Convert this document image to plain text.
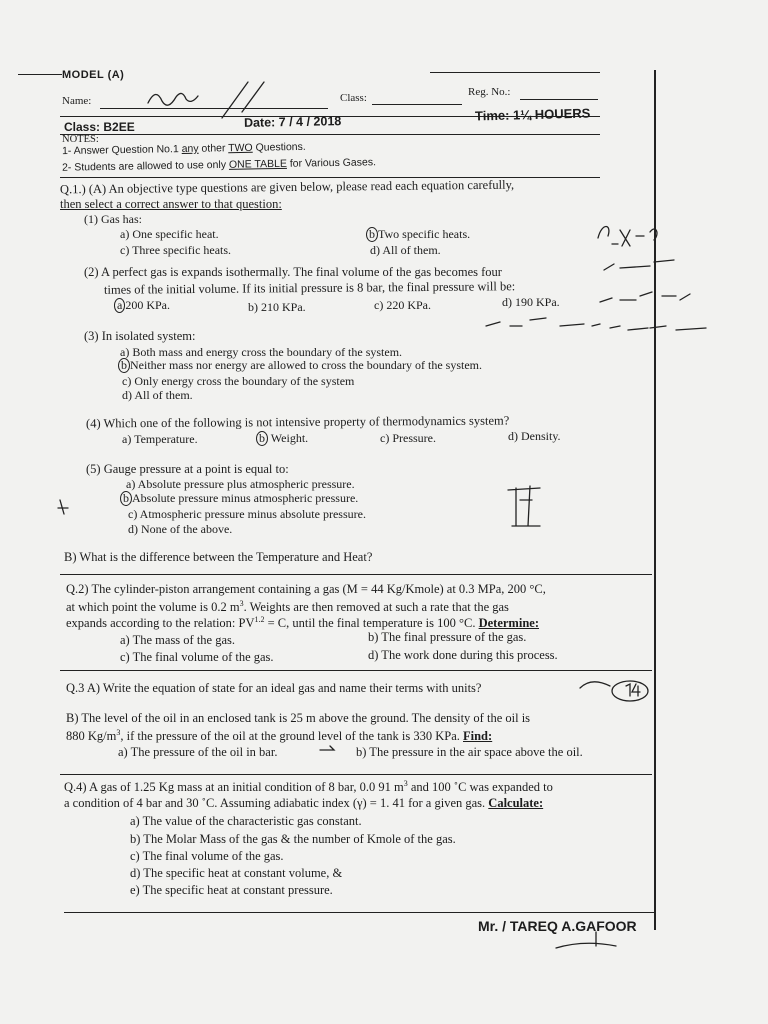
MODEL (A)
Name:	Class:	Reg. No.:
Class: B2EE	Date: 7 / 4 / 2018	Time: 1¼ HOUERS
NOTES:
1- Answer Question No.1 any other TWO Questions.
2- Students are allowed to use only ONE TABLE for Various Gases.
Q.1.) (A) An objective type questions are given below, please read each equation carefully,
then select a correct answer to that question:
(1) Gas has:
a) One specific heat.	b Two specific heats.
c) Three specific heats.	d) All of them.
(2) A perfect gas is expands isothermally. The final volume of the gas becomes four
times of the initial volume. If its initial pressure is 8 bar, the final pressure will be:
a 200 KPa.	b) 210 KPa.	c) 220 KPa.	d) 190 KPa.
(3) In isolated system:
a) Both mass and energy cross the boundary of the system.
b Neither mass nor energy are allowed to cross the boundary of the system.
c) Only energy cross the boundary of the system
d) All of them.
(4) Which one of the following is not intensive property of thermodynamics system?
a) Temperature.	b Weight.	c) Pressure.	d) Density.
(5) Gauge pressure at a point is equal to:
a) Absolute pressure plus atmospheric pressure.
b Absolute pressure minus atmospheric pressure.
c) Atmospheric pressure minus absolute pressure.
d) None of the above.
B) What is the difference between the Temperature and Heat?
Q.2) The cylinder-piston arrangement containing a gas (M = 44 Kg/Kmole) at 0.3 MPa, 200 °C,
at which point the volume is 0.2 $m^3$. Weights are then removed at such a rate that the gas
expands according to the relation: $PV^{1.2} = C$, until the final temperature is 100 °C. Determine:
a) The mass of the gas.	b) The final pressure of the gas.
c) The final volume of the gas.	d) The work done during this process.
Q.3 A) Write the equation of state for an ideal gas and name their terms with units?
B) The level of the oil in an enclosed tank is 25 m above the ground. The density of the oil is
880 $Kg/m^3$, if the pressure of the oil at the ground level of the tank is 330 KPa. Find:
a) The pressure of the oil in bar.	b) The pressure in the air space above the oil.
Q.4) A gas of 1.25 Kg mass at an initial condition of 8 bar, 0.0 91 $m^3$ and 100 ˚C was expanded to
a condition of 4 bar and 30 ˚C. Assuming adiabatic index (γ) = 1. 41 for a given gas. Calculate:
a) The value of the characteristic gas constant.
b) The Molar Mass of the gas & the number of Kmole of the gas.
c) The final volume of the gas.
d) The specific heat at constant volume, &
e) The specific heat at constant pressure.
Mr. / TAREQ A.GAFOOR
